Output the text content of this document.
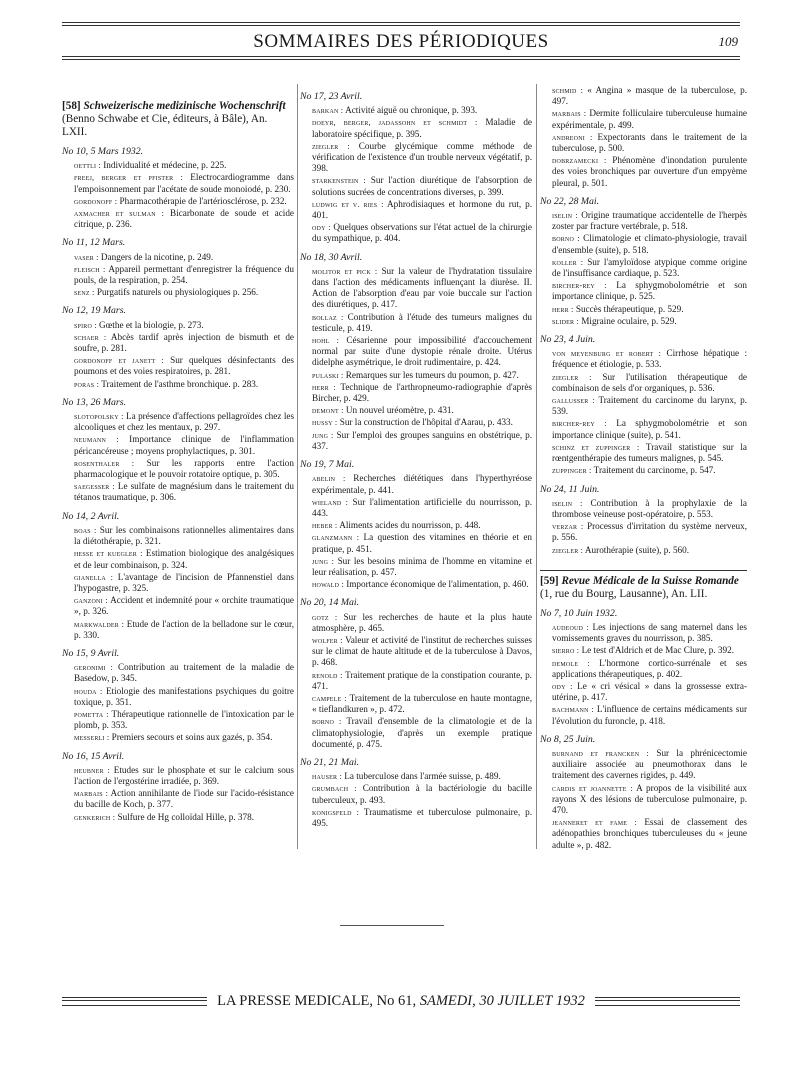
SOMMAIRES DES PÉRIODIQUES	109
[58] Schweizerische medizinische Wochenschrift (Benno Schwabe et Cie, éditeurs, à Bâle), An. LXII.
No 10, 5 Mars 1932.
oettli : Individualité et médecine, p. 225.
freej, berger et pfister : Electrocardiogramme dans l'empoisonnement par l'acétate de soude monoiodé, p. 230.
gordonoff : Pharmacothérapie de l'artériosclérose, p. 232.
axmacher et sulman : Bicarbonate de soude et acide citrique, p. 236.
No 11, 12 Mars.
vaser : Dangers de la nicotine, p. 249.
fleisch : Appareil permettant d'enregistrer la fréquence du pouls, de la respiration, p. 254.
senz : Purgatifs naturels ou physiologiques p. 256.
No 12, 19 Mars.
spiro : Gœthe et la biologie, p. 273.
schaer : Abcès tardif après injection de bismuth et de soufre, p. 281.
gordonoff et janett : Sur quelques désinfectants des poumons et des voies respiratoires, p. 281.
poras : Traitement de l'asthme bronchique. p. 283.
No 13, 26 Mars.
slotopolsky : La présence d'affections pellagroïdes chez les alcooliques et chez les mentaux, p. 297.
neumann : Importance clinique de l'inflammation péricancéreuse ; moyens prophylactiques, p. 301.
rosenthaler : Sur les rapports entre l'action pharmacologique et le pouvoir rotatoire optique, p. 305.
saegesser : Le sulfate de magnésium dans le traitement du tétanos traumatique, p. 306.
No 14, 2 Avril.
boas : Sur les combinaisons rationnelles alimentaires dans la diétothérapie, p. 321.
hesse et kuegler : Estimation biologique des analgésiques et de leur combinaison, p. 324.
gianella : L'avantage de l'incision de Pfannenstiel dans l'hypogastre, p. 325.
ganzoni : Accident et indemnité pour « orchite traumatique », p. 326.
markwalder : Etude de l'action de la belladone sur le cœur, p. 330.
No 15, 9 Avril.
geronimi : Contribution au traitement de la maladie de Basedow, p. 345.
houda : Etiologie des manifestations psychiques du goitre toxique, p. 351.
pometta : Thérapeutique rationnelle de l'intoxication par le plomb, p. 353.
messerli : Premiers secours et soins aux gazés, p. 354.
No 16, 15 Avril.
heubner : Etudes sur le phosphate et sur le calcium sous l'action de l'ergostérine irradiée, p. 369.
marbais : Action annihilante de l'iode sur l'acido-résistance du bacille de Koch, p. 377.
genkerich : Sulfure de Hg colloïdal Hille, p. 378.
No 17, 23 Avril.
barkan : Activité aiguë ou chronique, p. 393.
doeyr, berger, jadassohn et schmidt : Maladie de laboratoire spécifique, p. 395.
ziegler : Courbe glycémique comme méthode de vérification de l'existence d'un trouble nerveux végétatif, p. 398.
starkenstein : Sur l'action diurétique de l'absorption de solutions sucrées de concentrations diverses, p. 399.
ludwig et v. ries : Aphrodisiaques et hormone du rut, p. 401.
ody : Quelques observations sur l'état actuel de la chirurgie du sympathique, p. 404.
No 18, 30 Avril.
molitor et pick : Sur la valeur de l'hydratation tissulaire dans l'action des médicaments influençant la diurèse. II. Action de l'absorption d'eau par voie buccale sur l'action des diurétiques, p. 417.
bollaz : Contribution à l'étude des tumeurs malignes du testicule, p. 419.
hohl : Césarienne pour impossibilité d'accouchement normal par suite d'une dystopie rénale droite. Utérus didelphe asymétrique, le droit rudimentaire, p. 424.
pulaski : Remarques sur les tumeurs du poumon, p. 427.
herr : Technique de l'arthropneumo-radiographie d'après Bircher, p. 429.
demont : Un nouvel uréomètre, p. 431.
hussy : Sur la construction de l'hôpital d'Aarau, p. 433.
jung : Sur l'emploi des groupes sanguins en obstétrique, p. 437.
No 19, 7 Mai.
abelin : Recherches diététiques dans l'hyperthyréose expérimentale, p. 441.
wieland : Sur l'alimentation artificielle du nourrisson, p. 443.
heber : Aliments acides du nourrisson, p. 448.
glanzmann : La question des vitamines en théorie et en pratique, p. 451.
jung : Sur les besoins minima de l'homme en vitamine et leur réalisation, p. 457.
howald : Importance économique de l'alimentation, p. 460.
No 20, 14 Mai.
gotz : Sur les recherches de haute et la plus haute atmosphère, p. 465.
wolfer : Valeur et activité de l'institut de recherches suisses sur le climat de haute altitude et de la tuberculose à Davos, p. 468.
renold : Traitement pratique de la constipation courante, p. 471.
campele : Traitement de la tuberculose en haute montagne, « tieflandkuren », p. 472.
borno : Travail d'ensemble de la climatologie et de la climatophysiologie, d'après un exemple pratique documenté, p. 475.
No 21, 21 Mai.
hauser : La tuberculose dans l'armée suisse, p. 489.
grumbach : Contribution à la bactériologie du bacille tuberculeux, p. 493.
konigsfeld : Traumatisme et tuberculose pulmonaire, p. 495.
schmid : « Angina » masque de la tuberculose, p. 497.
marbais : Dermite folliculaire tuberculeuse humaine expérimentale, p. 499.
andreoni : Expectorants dans le traitement de la tuberculose, p. 500.
dobrzamecki : Phénomène d'inondation purulente des voies bronchiques par ouverture d'un empyème pleural, p. 501.
No 22, 28 Mai.
iselin : Origine traumatique accidentelle de l'herpès zoster par fracture vertébrale, p. 518.
borno : Climatologie et climato-physiologie, travail d'ensemble (suite), p. 518.
koller : Sur l'amyloïdose atypique comme origine de l'insuffisance cardiaque, p. 523.
bircher-rey : La sphygmobolométrie et son importance clinique, p. 525.
herr : Succès thérapeutique, p. 529.
slider : Migraine oculaire, p. 529.
No 23, 4 Juin.
von meyenburg et robert : Cirrhose hépatique : fréquence et étiologie, p. 533.
ziegler : Sur l'utilisation thérapeutique de combinaison de sels d'or organiques, p. 536.
gallusser : Traitement du carcinome du larynx, p. 539.
bircher-rey : La sphygmobolométrie et son importance clinique (suite), p. 541.
schinz et zuppinger : Travail statistique sur la rœntgenthérapie des tumeurs malignes, p. 545.
zuppinger : Traitement du carcinome, p. 547.
No 24, 11 Juin.
iselin : Contribution à la prophylaxie de la thrombose veineuse post-opératoire, p. 553.
verzar : Processus d'irritation du système nerveux, p. 556.
ziegler : Aurothérapie (suite), p. 560.
[59] Revue Médicale de la Suisse Romande (1, rue du Bourg, Lausanne), An. LII.
No 7, 10 Juin 1932.
audeoud : Les injections de sang maternel dans les vomissements graves du nourrisson, p. 385.
sierro : Le test d'Aldrich et de Mac Clure, p. 392.
demole : L'hormone cortico-surrénale et ses applications thérapeutiques, p. 402.
ody : Le « cri vésical » dans la grossesse extra-utérine, p. 417.
bachmann : L'influence de certains médicaments sur l'évolution du furoncle, p. 418.
No 8, 25 Juin.
burnand et francken : Sur la phrénicectomie auxiliaire associée au pneumothorax dans le traitement des cavernes rigides, p. 449.
cardis et joannette : A propos de la visibilité aux rayons X des lésions de tuberculose pulmonaire, p. 470.
jeanneret et fame : Essai de classement des adénopathies bronchiques tuberculeuses du « jeune adulte », p. 482.
LA PRESSE MEDICALE, No 61, SAMEDI, 30 JUILLET 1932
